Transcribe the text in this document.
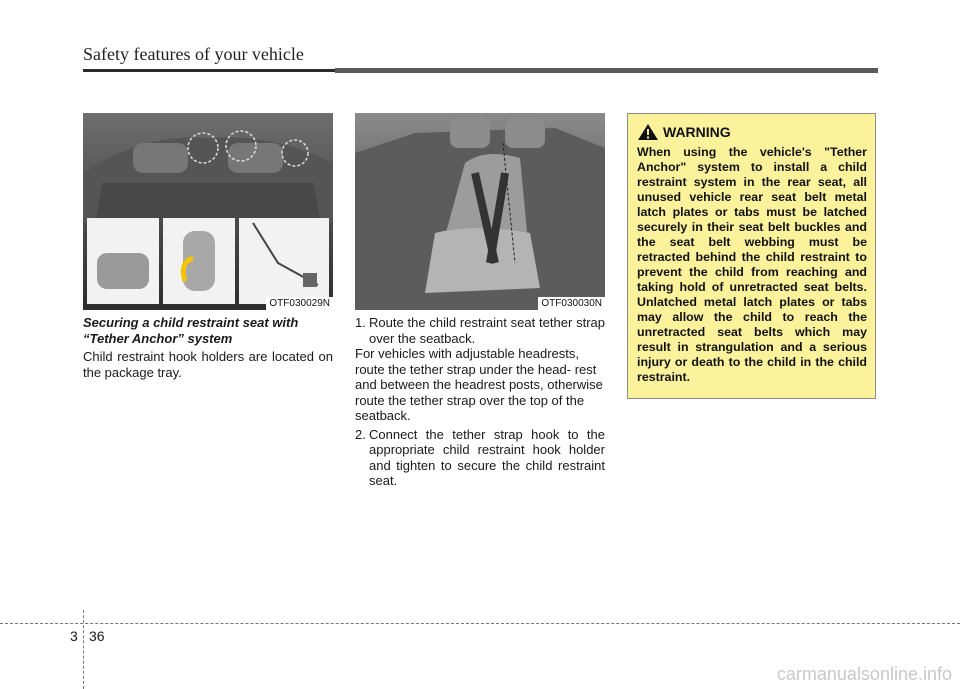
Safety features of your vehicle
OTF030029N	OTF030030N
Securing a child restraint seat with “Tether Anchor” system
Child restraint hook holders are located on the package tray.
1. Route the child restraint seat tether strap over the seatback.
For vehicles with adjustable headrests, route the tether strap under the head- rest and between the headrest posts, otherwise route the tether strap over the top of the seatback.
2. Connect the tether strap hook to the appropriate child restraint hook holder and tighten to secure the child restraint seat.
WARNING
When using the vehicle's "Tether Anchor" system to install a child restraint system in the rear seat, all unused vehicle rear seat belt metal latch plates or tabs must be latched securely in their seat belt buckles and the seat belt webbing must be retracted behind the child restraint to prevent the child from reaching and taking hold of unretracted seat belts. Unlatched metal latch plates or tabs may allow the child to reach the unretracted seat belts which may result in strangulation and a serious injury or death to the child in the child restraint.
3 36
carmanualsonline.info
